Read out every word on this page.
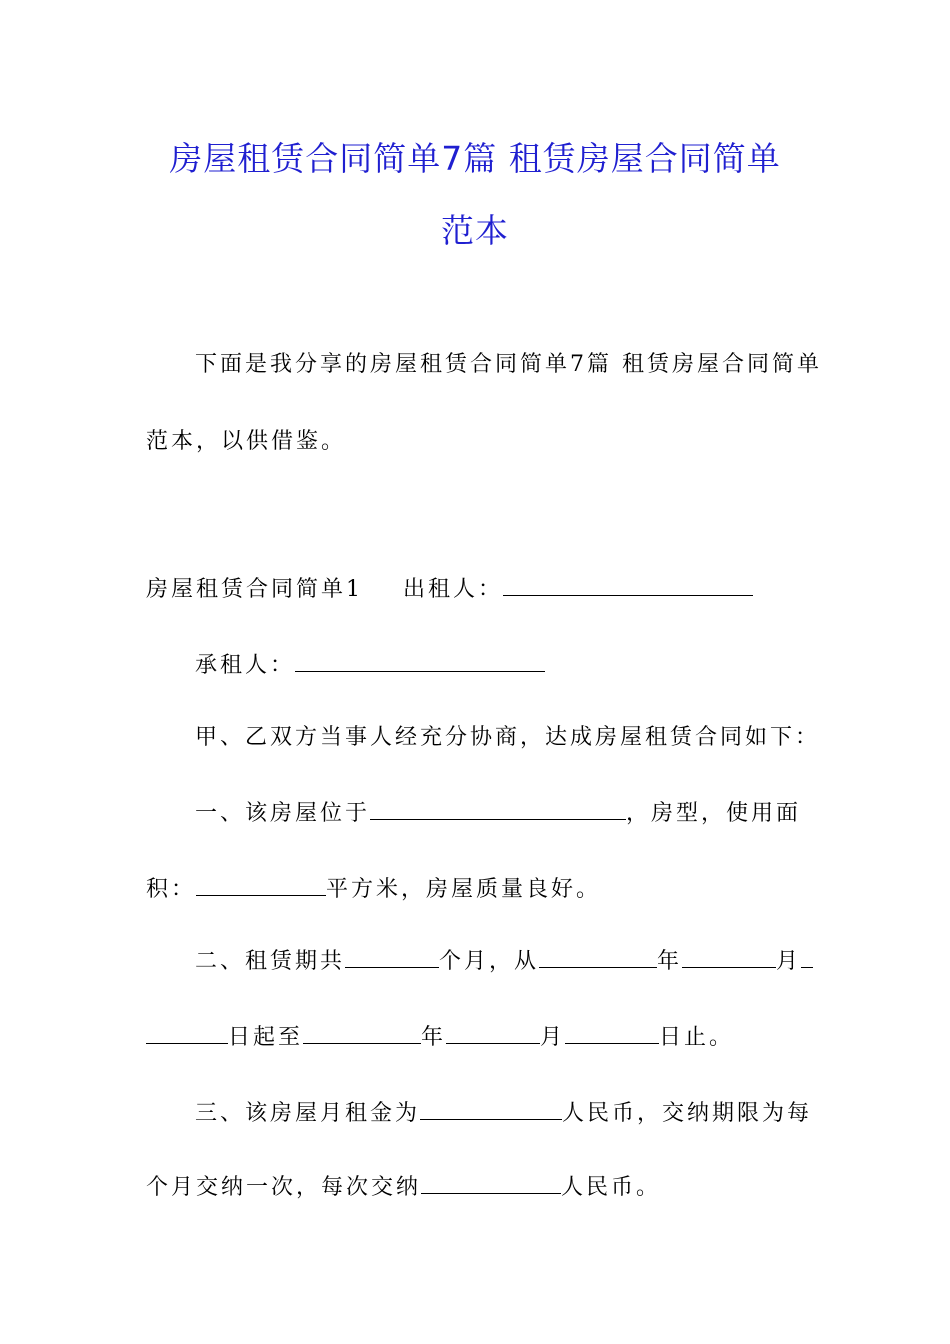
房屋租赁合同简单7篇 租赁房屋合同简单
范本
下面是我分享的房屋租赁合同简单7篇 租赁房屋合同简单
范本，以供借鉴。
房屋租赁合同简单1 出租人：
承租人：
甲、乙双方当事人经充分协商，达成房屋租赁合同如下：
一、该房屋位于	，房型，使用面
积：	平方米，房屋质量良好。
二、租赁期共	个月，从	年	月
日起至	年	月	日止。
三、该房屋月租金为	人民币，交纳期限为每
个月交纳一次，每次交纳	人民币。
